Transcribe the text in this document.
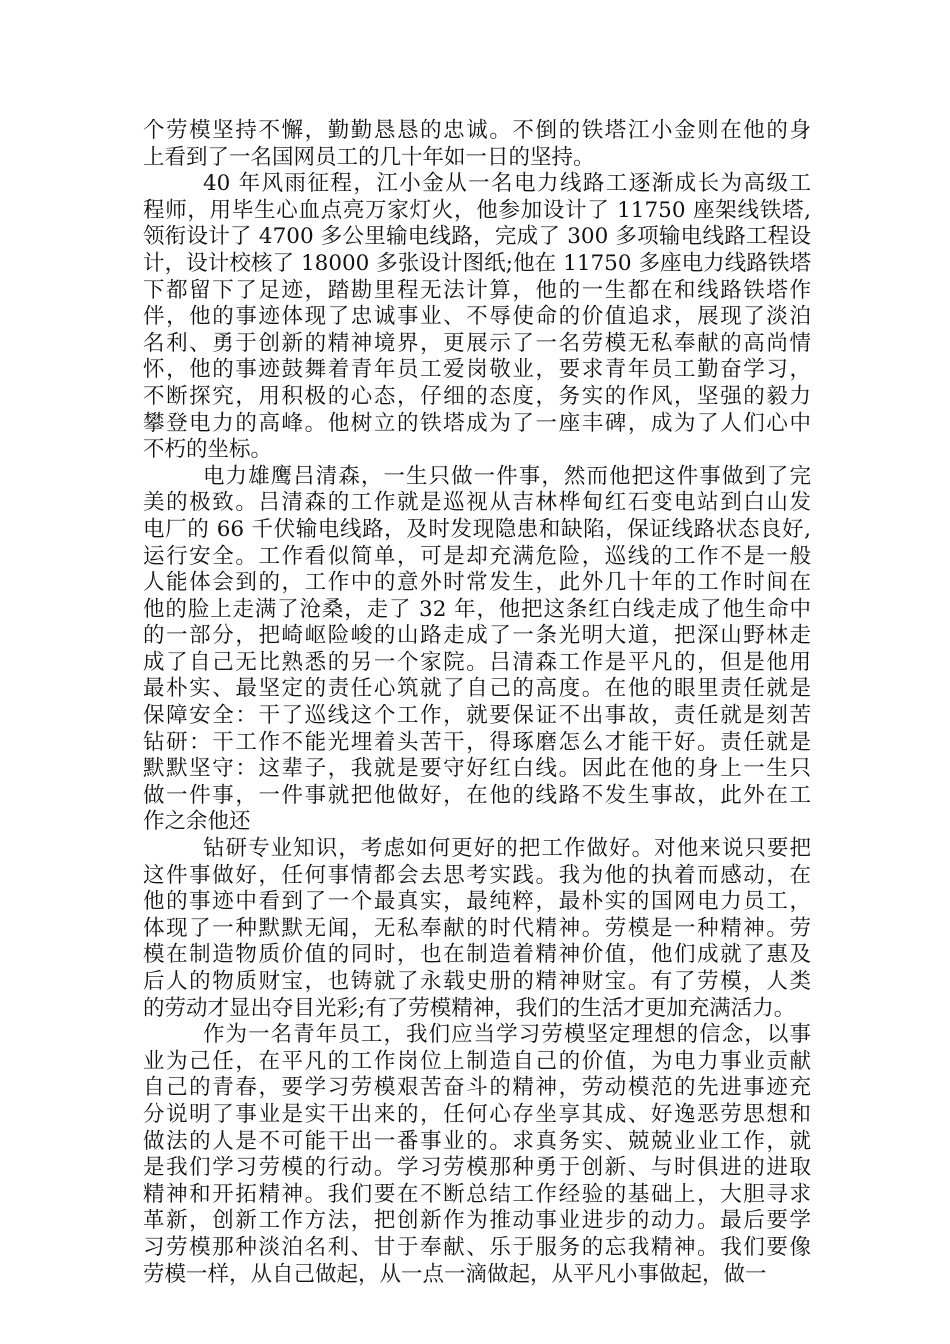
个劳模坚持不懈，勤勤恳恳的忠诚。不倒的铁塔江小金则在他的身
上看到了一名国网员工的几十年如一日的坚持。
40 年风雨征程，江小金从一名电力线路工逐渐成长为高级工
程师，用毕生心血点亮万家灯火，他参加设计了 11750 座架线铁塔,
领衔设计了 4700 多公里输电线路，完成了 300 多项输电线路工程设
计，设计校核了 18000 多张设计图纸;他在 11750 多座电力线路铁塔
下都留下了足迹，踏勘里程无法计算，他的一生都在和线路铁塔作
伴，他的事迹体现了忠诚事业、不辱使命的价值追求，展现了淡泊
名利、勇于创新的精神境界，更展示了一名劳模无私奉献的高尚情
怀，他的事迹鼓舞着青年员工爱岗敬业，要求青年员工勤奋学习，
不断探究，用积极的心态，仔细的态度，务实的作风，坚强的毅力
攀登电力的高峰。他树立的铁塔成为了一座丰碑，成为了人们心中
不朽的坐标。
电力雄鹰吕清森，一生只做一件事，然而他把这件事做到了完
美的极致。吕清森的工作就是巡视从吉林桦甸红石变电站到白山发
电厂的 66 千伏输电线路，及时发现隐患和缺陷，保证线路状态良好,
运行安全。工作看似简单，可是却充满危险，巡线的工作不是一般
人能体会到的，工作中的意外时常发生，此外几十年的工作时间在
他的脸上走满了沧桑，走了 32 年，他把这条红白线走成了他生命中
的一部分，把崎岖险峻的山路走成了一条光明大道，把深山野林走
成了自己无比熟悉的另一个家院。吕清森工作是平凡的，但是他用
最朴实、最坚定的责任心筑就了自己的高度。在他的眼里责任就是
保障安全：干了巡线这个工作，就要保证不出事故，责任就是刻苦
钻研：干工作不能光埋着头苦干，得琢磨怎么才能干好。责任就是
默默坚守：这辈子，我就是要守好红白线。因此在他的身上一生只
做一件事，一件事就把他做好，在他的线路不发生事故，此外在工
作之余他还
钻研专业知识，考虑如何更好的把工作做好。对他来说只要把
这件事做好，任何事情都会去思考实践。我为他的执着而感动，在
他的事迹中看到了一个最真实，最纯粹，最朴实的国网电力员工，
体现了一种默默无闻，无私奉献的时代精神。劳模是一种精神。劳
模在制造物质价值的同时，也在制造着精神价值，他们成就了惠及
后人的物质财宝，也铸就了永载史册的精神财宝。有了劳模，人类
的劳动才显出夺目光彩;有了劳模精神，我们的生活才更加充满活力。
作为一名青年员工，我们应当学习劳模坚定理想的信念，以事
业为己任，在平凡的工作岗位上制造自己的价值，为电力事业贡献
自己的青春，要学习劳模艰苦奋斗的精神，劳动模范的先进事迹充
分说明了事业是实干出来的，任何心存坐享其成、好逸恶劳思想和
做法的人是不可能干出一番事业的。求真务实、兢兢业业工作，就
是我们学习劳模的行动。学习劳模那种勇于创新、与时俱进的进取
精神和开拓精神。我们要在不断总结工作经验的基础上，大胆寻求
革新，创新工作方法，把创新作为推动事业进步的动力。最后要学
习劳模那种淡泊名利、甘于奉献、乐于服务的忘我精神。我们要像
劳模一样，从自己做起，从一点一滴做起，从平凡小事做起，做一
